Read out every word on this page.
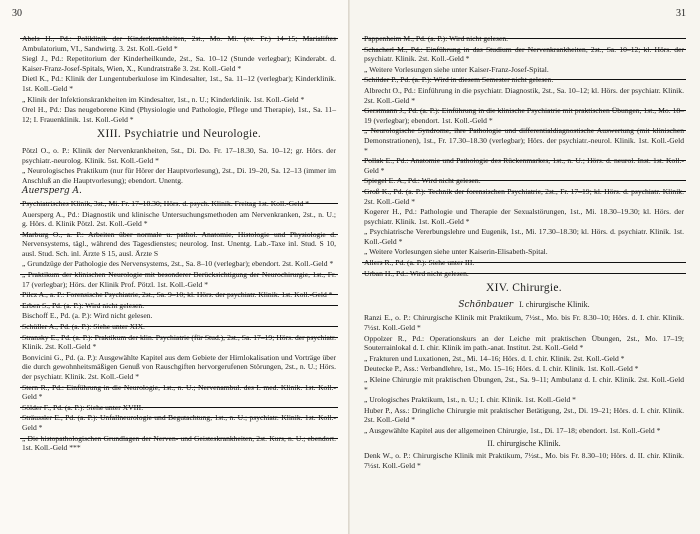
30
Abels H., Pd.: Poliklinik der Kinderkrankheiten, 2st., Mo. Mi. (ev. Fr.) 14–15; Marialiftes Ambulatorium, VI., Sandwirtg. 3. 2st. Koll.-Geld *
Siegl J., Pd.: Repetitorium der Kinderheilkunde, 2st., Sa. 10–12 (Stunde verlegbar); Kinderabt. d. Kaiser-Franz-Josef-Spitals, Wien, X., Kundratstraße 3. 2st. Koll.-Geld *
Dietl K., Pd.: Klinik der Lungentuberkulose im Kindesalter, 1st., Sa. 11–12 (verlegbar); Kinderklinik. 1st. Koll.-Geld *
„ Klinik der Infektionskrankheiten im Kindesalter, 1st., n. U.; Kinderklinik. 1st. Koll.-Geld *
Orel H., Pd.: Das neugeborene Kind (Physiologie und Pathologie, Pflege und Therapie), 1st., Sa. 11–12; I. Frauenklinik. 1st. Koll.-Geld *
XIII. Psychiatrie und Neurologie.
Pötzl O., o. P.: Klinik der Nervenkrankheiten, 5st., Di. Do. Fr. 17–18.30, Sa. 10–12; gr. Hörs. der psychiatr.-neurolog. Klinik. 5st. Koll.-Geld *
„ Neurologisches Praktikum (nur für Hörer der Hauptvorlesung), 2st., Di. 19–20, Sa. 12–13 (immer im Anschluß an die Hauptvorlesung); ebendort. Unentg.
Auersperg A.
Psychiatrisches Klinik, 3st., Mi. Fr. 17–18.30; Hörs. d. psych. Klinik. Freitag 1st. Koll.-Geld *
Auersperg A., Pd.: Diagnostik und klinische Untersuchungsmethoden am Nervenkranken, 2st., n. U.; g. Hörs. d. Klinik Pötzl. 2st. Koll.-Geld *
Marburg O., a. P.: Arbeiten über normale u. pathol. Anatomie, Histologie und Physiologie d. Nervensystems, tägl., während des Tagesdienstes; neurolog. Inst. Unentg. Lab.-Taxe inl. Stud. S 10, ausl. Stud. Sch. inl. Ärzte S 15, ausl. Ärzte S
„ Grundzüge der Pathologie des Nervensystems, 2st., Sa. 8–10 (verlegbar); ebendort. 2st. Koll.-Geld *
„ Praktikum der klinischen Neurologie mit besonderer Berücksichtigung der Neurochirurgie, 1st., Fr. 17 (verlegbar); Hörs. der Klinik Prof. Pötzl. 1st. Koll.-Geld *
Pilcz A., a. P.: Forensische Psychiatrie, 2st., Sa. 9–10; kl. Hörs. der psychiatr. Klinik. 1st. Koll.-Geld *
Erben S., Pd. (a. P.): Wird nicht gelesen.
Bischoff E., Pd. (a. P.): Wird nicht gelesen.
Schüller A., Pd. (a. P.): Siehe unter XIX.
Stransky E., Pd. (a. P.): Praktikum der klin. Psychiatrie (für Stud.), 2st., Sa. 17–19; Hörs. der psychiatr. Klinik. 2st. Koll.-Geld *
Bonvicini G., Pd. (a. P.): Ausgewählte Kapitel aus dem Gebiete der Hirnlokalisation und Vorträge über die durch gewohnheitsmäßigen Genuß von Rauschgiften hervorgerufenen Störungen, 2st., n. U.; Hörs. der psychiatr. Klinik. 2st. Koll.-Geld *
Stern R., Pd.: Einführung in die Neurologie, 1st., n. U.; Nervenambul. des I. med. Klinik. 1st. Koll.-Geld *
Sölder F., Pd. (a. P.): Siehe unter XVIII.
Sträussler E., Pd. (a. P.): Unfallneurologie und Begutachtung, 1st., n. U.; psychiatr. Klinik. 1st. Koll.-Geld *
„ Die histopathologischen Grundlagen der Nerven- und Geisteskrankheiten, 2st. Kurs, n. U.; ebendort. 1st. Koll.-Geld ***
31
Pappenheim M., Pd. (a. P.): Wird nicht gelesen.
Schacherl M., Pd.: Einführung in das Studium der Nervenkrankheiten, 2st., Sa. 10–12; kl. Hörs. der psychiatr. Klinik. 2st. Koll.-Geld *
„ Weitere Vorlesungen siehe unter Kaiser-Franz-Josef-Spital.
Schilder P., Pd. (a. P.): Wird in diesem Semester nicht gelesen.
Albrecht O., Pd.: Einführung in die psychiatr. Diagnostik, 2st., Sa. 10–12; kl. Hörs. der psychiatr. Klinik. 2st. Koll.-Geld *
Gerstmann J., Pd. (a. P.): Einführung in die klinische Psychiatrie mit praktischen Übungen, 1st., Mo. 18–19 (verlegbar); ebendort. 1st. Koll.-Geld *
„ Neurologische Syndrome, ihre Pathologie und differentialdiagnostische Auswertung (mit klinischen Demonstrationen), 1st., Fr. 17.30–18.30 (verlegbar); Hörs. der psychiatr.-neurol. Klinik. 1st. Koll.-Geld *
Pollak E., Pd.: Anatomie und Pathologie des Rückenmarkes, 1st., n. U.; Hörs. d. neurol. Inst. 1st. Koll.-Geld *
Spiegel E. A., Pd.: Wird nicht gelesen.
Groß K., Pd. (a. P.): Technik der forensischen Psychiatrie, 2st., Fr. 17–19; kl. Hörs. d. psychiatr. Klinik. 2st. Koll.-Geld *
Kogerer H., Pd.: Pathologie und Therapie der Sexualstörungen, 1st., Mi. 18.30–19.30; kl. Hörs. der psychiatr. Klinik. 1st. Koll.-Geld *
„ Psychiatrische Vererbungslehre und Eugenik, 1st., Mi. 17.30–18.30; kl. Hörs. d. psychiatr. Klinik. 1st. Koll.-Geld *
„ Weitere Vorlesungen siehe unter Kaiserin-Elisabeth-Spital.
Allers R., Pd. (a. P.): Siehe unter III.
Urban H., Pd.: Wird nicht gelesen.
XIV. Chirurgie.
Schönbauer I. chirurgische Klinik.
Ranzi E., o. P.: Chirurgische Klinik mit Praktikum, 7½st., Mo. bis Fr. 8.30–10; Hörs. d. I. chir. Klinik. 7½st. Koll.-Geld *
Oppolzer R., Pd.: Operationskurs an der Leiche mit praktischen Übungen, 2st., Mo. 17–19; Souterrainlokal d. I. chir. Klinik im path.-anat. Institut. 2st. Koll.-Geld *
„ Frakturen und Luxationen, 2st., Mi. 14–16; Hörs. d. I. chir. Klinik. 2st. Koll.-Geld *
Deutecke P., Ass.: Verbandlehre, 1st., Mo. 15–16; Hörs. d. I. chir. Klinik. 1st. Koll.-Geld *
„ Kleine Chirurgie mit praktischen Übungen, 2st., Sa. 9–11; Ambulanz d. I. chir. Klinik. 2st. Koll.-Geld *
„ Urologisches Praktikum, 1st., n. U.; I. chir. Klinik. 1st. Koll.-Geld *
Huber P., Ass.: Dringliche Chirurgie mit praktischer Betätigung, 2st., Di. 19–21; Hörs. d. I. chir. Klinik. 2st. Koll.-Geld *
„ Ausgewählte Kapitel aus der allgemeinen Chirurgie, 1st., Di. 17–18; ebendort. 1st. Koll.-Geld *
II. chirurgische Klinik.
Denk W., o. P.: Chirurgische Klinik mit Praktikum, 7½st., Mo. bis Fr. 8.30–10; Hörs. d. II. chir. Klinik. 7½st. Koll.-Geld *
